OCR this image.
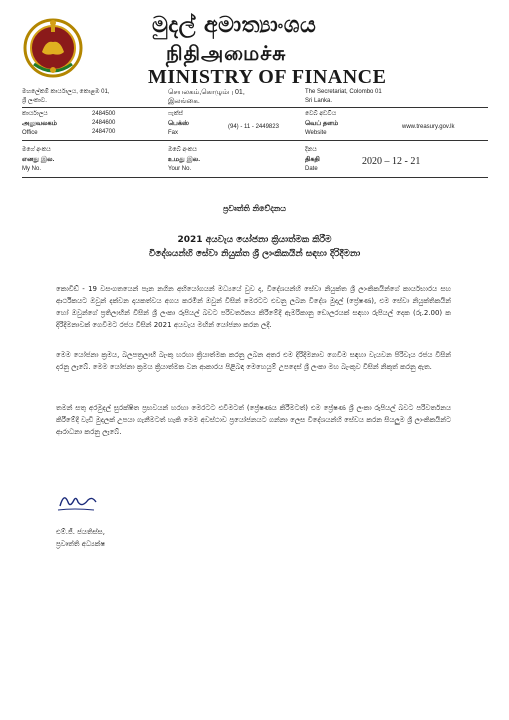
මුදල් අමාත්‍යාංශය
நிதிஅமைச்சு
MINISTRY OF FINANCE
මහලේකම් කාර්යාලය, කොළඹ 01,
ශ්‍රී ලංකාව.
செயலகம்,கொழும்பு 01,
இலங்கை.
The Secretariat, Colombo 01
Sri Lanka.
කාර්යාලය
அலுவலகம்
Office
2484500
2484600
2484700
ෆැක්ස්
பெக்ஸ்
Fax
(94) - 11 - 2449823
වෙබ් අඩවිය
வெப் தளம்
Website
www.treasury.gov.lk
මගේ අංකය
எனது இல.
My No.
ඔබේ අංකය
உமது இல.
Your No.
දිනය
திகதி
Date
2020 – 12 - 21
ප්‍රවෘත්ති නිවේදනය
2021 අයවැය යෝජනා ක්‍රියාත්මක කිරීම
විදේශයන්හි සේවා නියුක්ත ශ්‍රී ලාංකිකයින් සඳහා දිරිදීමනා
කොවිඩ් - 19 වසංගතයෙන් පැන නගින අභියෝගයන් මධ්‍යයේ වුව ද, විදේශයන්හි සේවා නියුක්ත ශ්‍රී ලාංකිකයින්ගේ කාර්යභාරය සහ ආර්ථිකයට ඔවුන් දක්වන දායකත්වය අගය කරමින් ඔවුන් විසින් මෙරටට එවනු ලබන විදේශ මුදල් (ප්‍රේෂණ), එම සේවා නියුක්තිකයින් හෝ ඔවුන්ගේ ප්‍රතිලාභීන් විසින් ශ්‍රී ලංකා රුපියල් බවට පරිවර්තනය කිරීමේදී ඇමරිකානු ඩොලරයක් සඳහා රුපියල් දෙක (රු.2.00) ක දිරිදීමනාවක් ගෙවීමට රජය විසින් 2021 අයවැය මඟින් යෝජනා කරන ලදී.
මෙම යෝජනා ක්‍රමය, බලපත්‍රලාභී බැංකු හරහා ක්‍රියාත්මක කරනු ලබන අතර එම දිරිදීමනාව ගෙවීම සඳහා වැයවන පිරිවැය රජය විසින් දරනු ලැබේ. මෙම යෝජනා ක්‍රමය ක්‍රියාත්මක වන ආකාරය පිළිබඳ මෙහෙයුම් උපදෙස් ශ්‍රී ලංකා මහ බැංකුව විසින් නිකුත් කරනු ඇත.
තමන් සතු අරමුදල් සුරක්ෂිත ප්‍රභවයන් හරහා මෙරටට එවීමටත් (ප්‍රේෂණය කිරීමටත්) එම ප්‍රේෂණ ශ්‍රී ලංකා රුපියල් බවට පරිවර්තනය කිරීමේදී වැඩි මුදලක් උපයා ගැනීමටත් හැකි මෙම අවස්ථාව ප්‍රයෝජනයට ගන්නා ලෙස විදේශයන්හි සේවය කරන සියලුම ශ්‍රී ලාංකිකයින්ට ආරාධනා කරනු ලැබේ.
එම්.ජී. ජයතිස්ස,
ප්‍රවෘත්ති අධ්‍යක්ෂ
